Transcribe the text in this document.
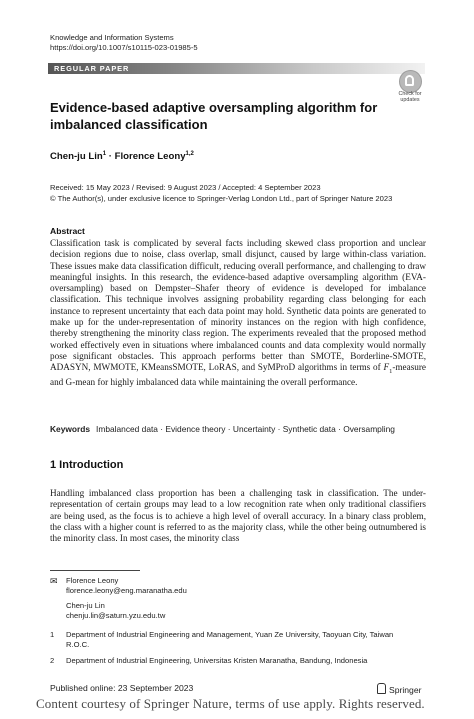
Knowledge and Information Systems
https://doi.org/10.1007/s10115-023-01985-5
REGULAR PAPER
Check for
updates
Evidence-based adaptive oversampling algorithm for imbalanced classification
Chen-ju Lin$^1$ · Florence Leony$^{1,2}$
Received: 15 May 2023 / Revised: 9 August 2023 / Accepted: 4 September 2023
© The Author(s), under exclusive licence to Springer-Verlag London Ltd., part of Springer Nature 2023
Abstract
Classification task is complicated by several facts including skewed class proportion and unclear decision regions due to noise, class overlap, small disjunct, caused by large within-class variation. These issues make data classification difficult, reducing overall performance, and challenging to draw meaningful insights. In this research, the evidence-based adaptive oversampling algorithm (EVA-oversampling) based on Dempster–Shafer theory of evidence is developed for imbalance classification. This technique involves assigning probability regarding class belonging for each instance to represent uncertainty that each data point may hold. Synthetic data points are generated to make up for the under-representation of minority instances on the region with high confidence, thereby strengthening the minority class region. The experiments revealed that the proposed method worked effectively even in situations where imbalanced counts and data complexity would normally pose significant obstacles. This approach performs better than SMOTE, Borderline-SMOTE, ADASYN, MWMOTE, KMeansSMOTE, LoRAS, and SyMProD algorithms in terms of $F_1$-measure and G-mean for highly imbalanced data while maintaining the overall performance.
Keywords Imbalanced data · Evidence theory · Uncertainty · Synthetic data · Oversampling
1 Introduction
Handling imbalanced class proportion has been a challenging task in classification. The under-representation of certain groups may lead to a low recognition rate when only traditional classifiers are being used, as the focus is to achieve a high level of overall accuracy. In a binary class problem, the class with a higher count is referred to as the majority class, while the other being outnumbered is the minority class. In most cases, the minority class
✉ Florence Leony
florence.leony@eng.maranatha.edu
Chen-ju Lin
chenju.lin@saturn.yzu.edu.tw
1 Department of Industrial Engineering and Management, Yuan Ze University, Taoyuan City, Taiwan R.O.C.
2 Department of Industrial Engineering, Universitas Kristen Maranatha, Bandung, Indonesia
Published online: 23 September 2023	Springer
Content courtesy of Springer Nature, terms of use apply. Rights reserved.
